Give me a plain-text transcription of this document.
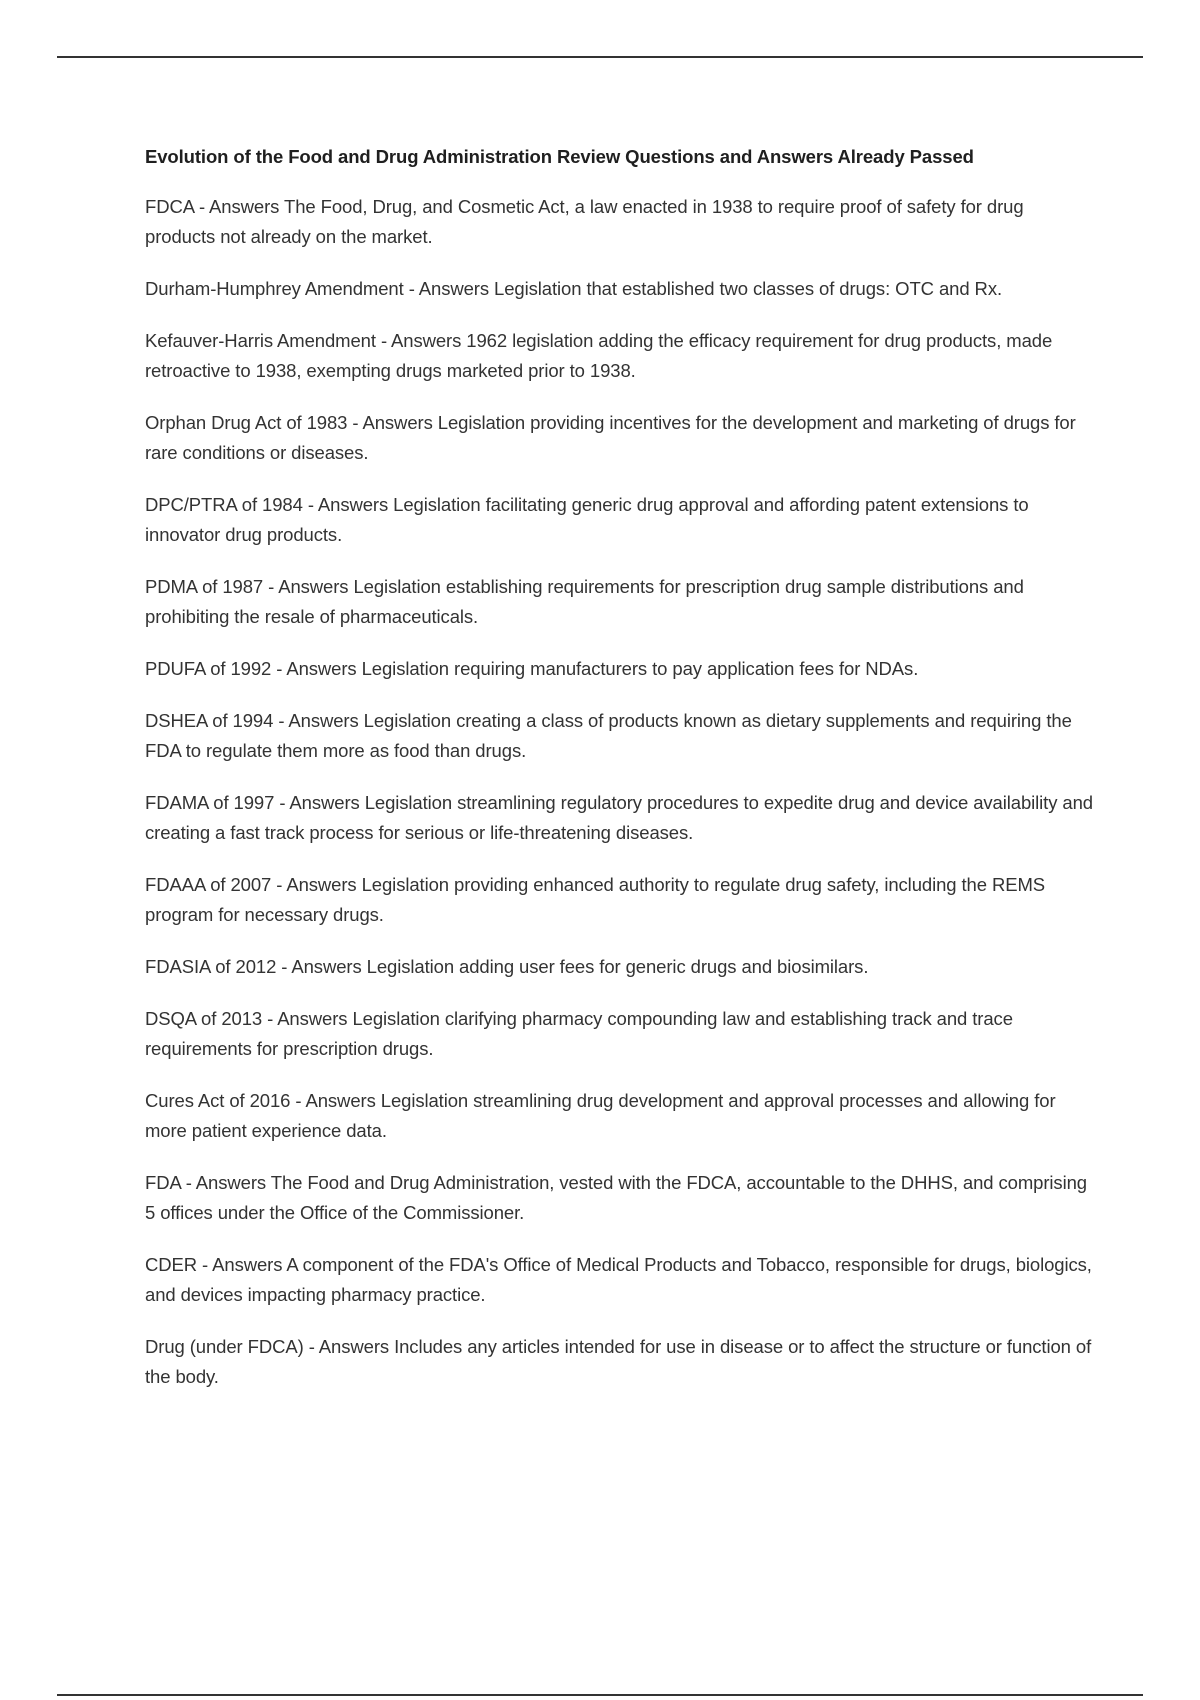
Evolution of the Food and Drug Administration Review Questions and Answers Already Passed

FDCA - Answers The Food, Drug, and Cosmetic Act, a law enacted in 1938 to require proof of safety for drug products not already on the market.

Durham-Humphrey Amendment - Answers Legislation that established two classes of drugs: OTC and Rx.

Kefauver-Harris Amendment - Answers 1962 legislation adding the efficacy requirement for drug products, made retroactive to 1938, exempting drugs marketed prior to 1938.

Orphan Drug Act of 1983 - Answers Legislation providing incentives for the development and marketing of drugs for rare conditions or diseases.

DPC/PTRA of 1984 - Answers Legislation facilitating generic drug approval and affording patent extensions to innovator drug products.

PDMA of 1987 - Answers Legislation establishing requirements for prescription drug sample distributions and prohibiting the resale of pharmaceuticals.

PDUFA of 1992 - Answers Legislation requiring manufacturers to pay application fees for NDAs.

DSHEA of 1994 - Answers Legislation creating a class of products known as dietary supplements and requiring the FDA to regulate them more as food than drugs.

FDAMA of 1997 - Answers Legislation streamlining regulatory procedures to expedite drug and device availability and creating a fast track process for serious or life-threatening diseases.

FDAAA of 2007 - Answers Legislation providing enhanced authority to regulate drug safety, including the REMS program for necessary drugs.

FDASIA of 2012 - Answers Legislation adding user fees for generic drugs and biosimilars.

DSQA of 2013 - Answers Legislation clarifying pharmacy compounding law and establishing track and trace requirements for prescription drugs.

Cures Act of 2016 - Answers Legislation streamlining drug development and approval processes and allowing for more patient experience data.

FDA - Answers The Food and Drug Administration, vested with the FDCA, accountable to the DHHS, and comprising 5 offices under the Office of the Commissioner.

CDER - Answers A component of the FDA's Office of Medical Products and Tobacco, responsible for drugs, biologics, and devices impacting pharmacy practice.

Drug (under FDCA) - Answers Includes any articles intended for use in disease or to affect the structure or function of the body.
